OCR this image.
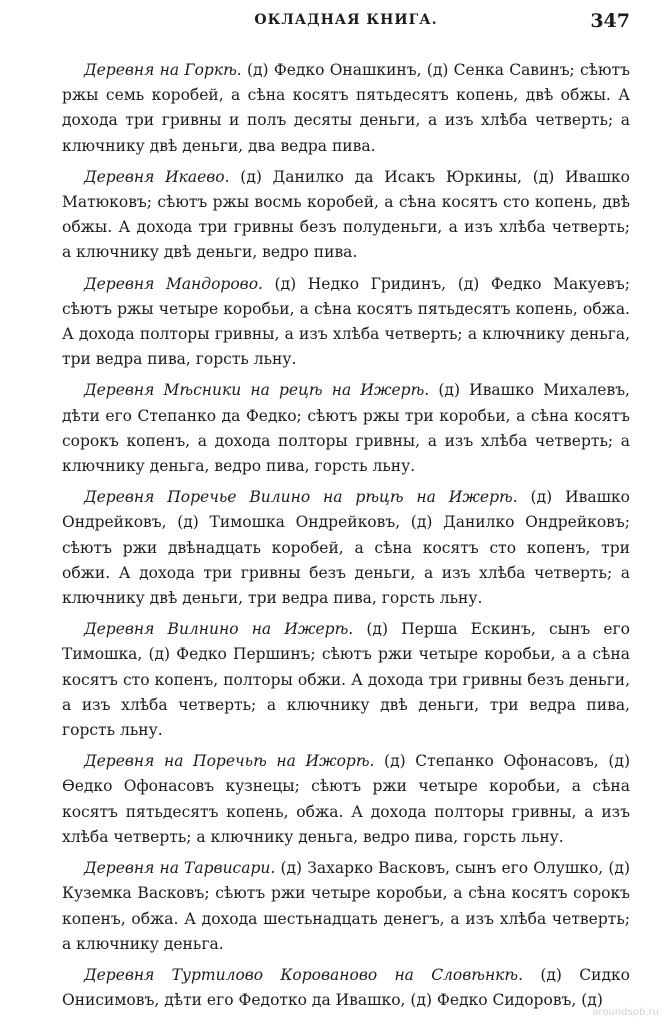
ОКЛАДНАЯ КНИГА.	347

Деревня на Горкѣ. (д) Федко Онашкинъ, (д) Сенка Савинъ; сѣютъ ржы семь коробей, а сѣна косятъ пятьдесятъ копень, двѣ обжы. А дохода три гривны и полъ десяты деньги, а изъ хлѣба четверть; а ключнику двѣ деньги, два ведра пива.

Деревня Икаево. (д) Данилко да Исакъ Юркины, (д) Ивашко Матюковъ; сѣютъ ржы восмь коробей, а сѣна косятъ сто копень, двѣ обжы. А дохода три гривны безъ полуденьги, а изъ хлѣба четверть; а ключнику двѣ деньги, ведро пива.

Деревня Мандорово. (д) Недко Гридинъ, (д) Федко Макуевъ; сѣютъ ржы четыре коробьи, а сѣна косятъ пятьдесятъ копень, обжа. А дохода полторы гривны, а изъ хлѣба четверть; а ключнику деньга, три ведра пива, горсть льну.

Деревня Мѣсники на рецѣ на Ижерѣ. (д) Ивашко Михалевъ, дѣти его Степанко да Федко; сѣютъ ржы три коробьи, а сѣна косятъ сорокъ копенъ, а дохода полторы гривны, а изъ хлѣба четверть; а ключнику деньга, ведро пива, горсть льну.

Деревня Поречье Вилино на рѣцѣ на Ижерѣ. (д) Ивашко Ондрейковъ, (д) Тимошка Ондрейковъ, (д) Данилко Ондрейковъ; сѣютъ ржи двѣнадцать коробей, а сѣна косятъ сто копенъ, три обжи. А дохода три гривны безъ деньги, а изъ хлѣба четверть; а ключнику двѣ деньги, три ведра пива, горсть льну.

Деревня Вилнино на Ижерѣ. (д) Перша Ескинъ, сынъ его Тимошка, (д) Федко Першинъ; сѣютъ ржи четыре коробьи, а а сѣна косятъ сто копенъ, полторы обжи. А дохода три гривны безъ деньги, а изъ хлѣба четверть; а ключнику двѣ деньги, три ведра пива, горсть льну.

Деревня на Поречьѣ на Ижорѣ. (д) Степанко Офонасовъ, (д) Ѳедко Офонасовъ кузнецы; сѣютъ ржи четыре коробьи, а сѣна косятъ пятьдесятъ копень, обжа. А дохода полторы гривны, а изъ хлѣба четверть; а ключнику деньга, ведро пива, горсть льну.

Деревня на Тарвисари. (д) Захарко Васковъ, сынъ его Олушко, (д) Куземка Васковъ; сѣютъ ржи четыре коробьи, а сѣна косятъ сорокъ копенъ, обжа. А дохода шестьнадцать денегъ, а изъ хлѣба четверть; а ключнику деньга.

Деревня Туртилово Корованово на Словѣнкѣ. (д) Сидко Онисимовъ, дѣти его Федотко да Ивашко, (д) Федко Сидоровъ, (д)

aroundspb.ru
